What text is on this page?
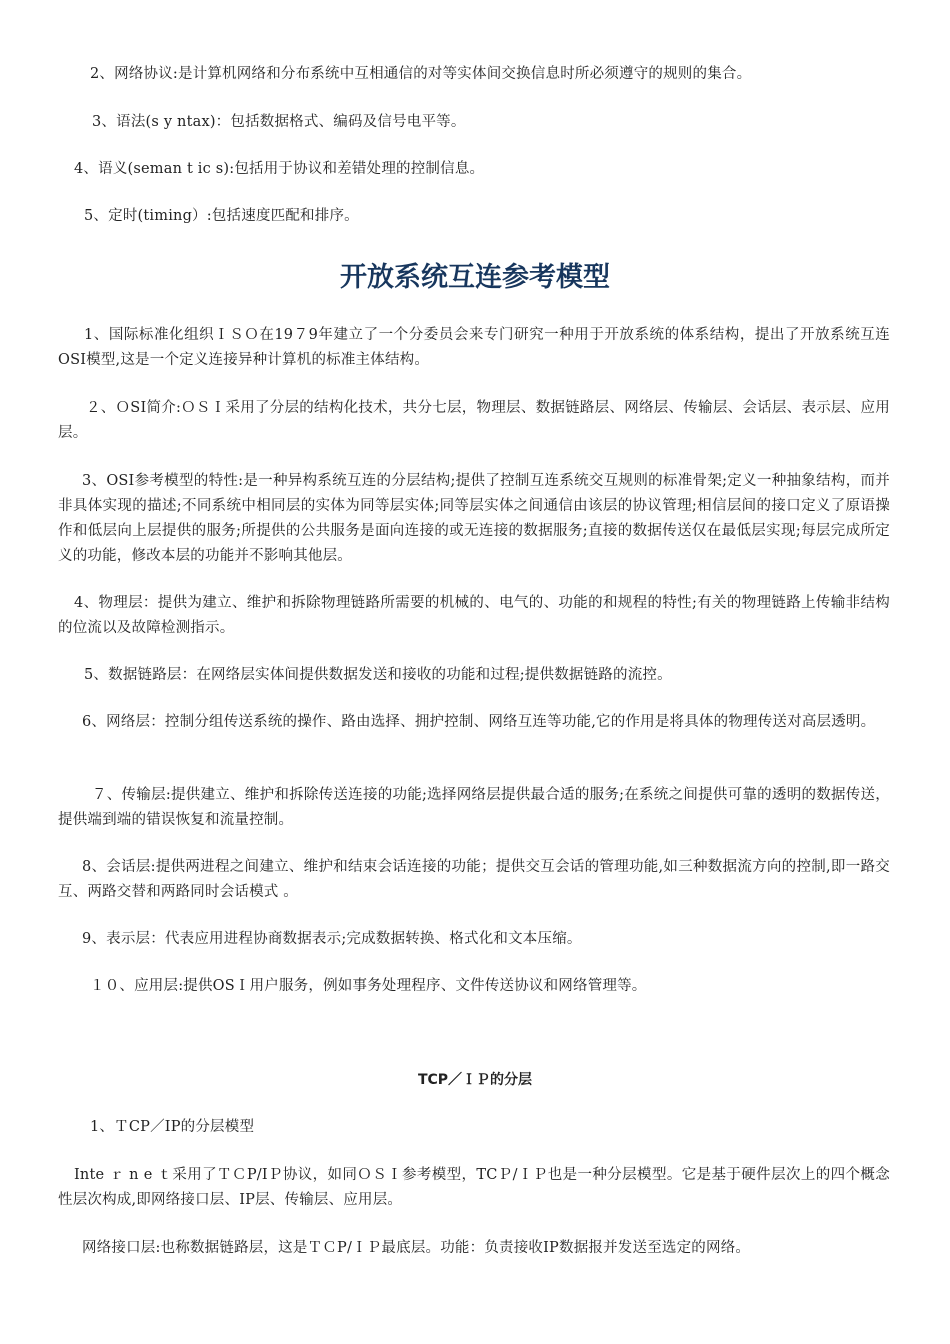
2、网络协议:是计算机网络和分布系统中互相通信的对等实体间交换信息时所必须遵守的规则的集合。

3、语法(s y ntax)：包括数据格式、编码及信号电平等。

4、语义(seman t ic s):包括用于协议和差错处理的控制信息。

5、定时(timing）:包括速度匹配和排序。

开放系统互连参考模型

1、国际标准化组织ＩＳＯ在19７9年建立了一个分委员会来专门研究一种用于开放系统的体系结构，提出了开放系统互连OSI模型,这是一个定义连接异种计算机的标准主体结构。

２、ＯSI简介:ＯＳＩ采用了分层的结构化技术，共分七层，物理层、数据链路层、网络层、传输层、会话层、表示层、应用层。

3、OSI参考模型的特性:是一种异构系统互连的分层结构;提供了控制互连系统交互规则的标准骨架;定义一种抽象结构，而并非具体实现的描述;不同系统中相同层的实体为同等层实体;同等层实体之间通信由该层的协议管理;相信层间的接口定义了原语操作和低层向上层提供的服务;所提供的公共服务是面向连接的或无连接的数据服务;直接的数据传送仅在最低层实现;每层完成所定义的功能，修改本层的功能并不影响其他层。

4、物理层：提供为建立、维护和拆除物理链路所需要的机械的、电气的、功能的和规程的特性;有关的物理链路上传输非结构的位流以及故障检测指示。

5、数据链路层：在网络层实体间提供数据发送和接收的功能和过程;提供数据链路的流控。

6、网络层：控制分组传送系统的操作、路由选择、拥护控制、网络互连等功能,它的作用是将具体的物理传送对高层透明。

７、传输层:提供建立、维护和拆除传送连接的功能;选择网络层提供最合适的服务;在系统之间提供可靠的透明的数据传送，提供端到端的错误恢复和流量控制。

8、会话层:提供两进程之间建立、维护和结束会话连接的功能；提供交互会话的管理功能,如三种数据流方向的控制,即一路交互、两路交替和两路同时会话模式 。

9、表示层：代表应用进程协商数据表示;完成数据转换、格式化和文本压缩。

１０、应用层:提供OSＩ用户服务，例如事务处理程序、文件传送协议和网络管理等。

TCP／ＩＰ的分层

1、ＴCP／IP的分层模型

Inte ｒ n e ｔ采用了ＴＣP/IＰ协议，如同ＯＳＩ参考模型，TCＰ/ＩＰ也是一种分层模型。它是基于硬件层次上的四个概念性层次构成,即网络接口层、IP层、传输层、应用层。

网络接口层:也称数据链路层，这是ＴＣP/ＩＰ最底层。功能：负责接收IP数据报并发送至选定的网络。
